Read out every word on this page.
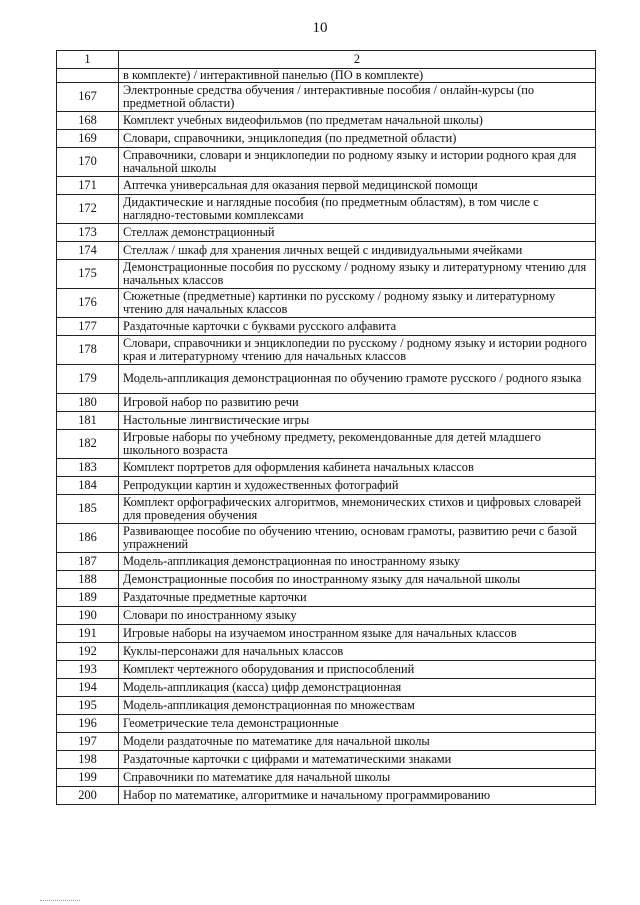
10
1	2
	в комплекте) / интерактивной панелью (ПО в комплекте)
167	Электронные средства обучения / интерактивные пособия / онлайн-курсы (по предметной области)
168	Комплект учебных видеофильмов (по предметам начальной школы)
169	Словари, справочники, энциклопедия (по предметной области)
170	Справочники, словари и энциклопедии по родному языку и истории родного края для начальной школы
171	Аптечка универсальная для оказания первой медицинской помощи
172	Дидактические и наглядные пособия (по предметным областям), в том числе с наглядно-тестовыми комплексами
173	Стеллаж демонстрационный
174	Стеллаж / шкаф для хранения личных вещей с индивидуальными ячейками
175	Демонстрационные пособия по русскому / родному языку и литературному чтению для начальных классов
176	Сюжетные (предметные) картинки по русскому / родному языку и литературному чтению для начальных классов
177	Раздаточные карточки с буквами русского алфавита
178	Словари, справочники и энциклопедии по русскому / родному языку и истории родного края и литературному чтению для начальных классов
179	Модель-аппликация демонстрационная по обучению грамоте русского / родного языка
180	Игровой набор по развитию речи
181	Настольные лингвистические игры
182	Игровые наборы по учебному предмету, рекомендованные для детей младшего школьного возраста
183	Комплект портретов для оформления кабинета начальных классов
184	Репродукции картин и художественных фотографий
185	Комплект орфографических алгоритмов, мнемонических стихов и цифровых словарей для проведения обучения
186	Развивающее пособие по обучению чтению, основам грамоты, развитию речи с базой упражнений
187	Модель-аппликация демонстрационная по иностранному языку
188	Демонстрационные пособия по иностранному языку для начальной школы
189	Раздаточные предметные карточки
190	Словари по иностранному языку
191	Игровые наборы на изучаемом иностранном языке для начальных классов
192	Куклы-персонажи для начальных классов
193	Комплект чертежного оборудования и приспособлений
194	Модель-аппликация (касса) цифр демонстрационная
195	Модель-аппликация демонстрационная по множествам
196	Геометрические тела демонстрационные
197	Модели раздаточные по математике для начальной школы
198	Раздаточные карточки с цифрами и математическими знаками
199	Справочники по математике для начальной школы
200	Набор по математике, алгоритмике и начальному программированию
